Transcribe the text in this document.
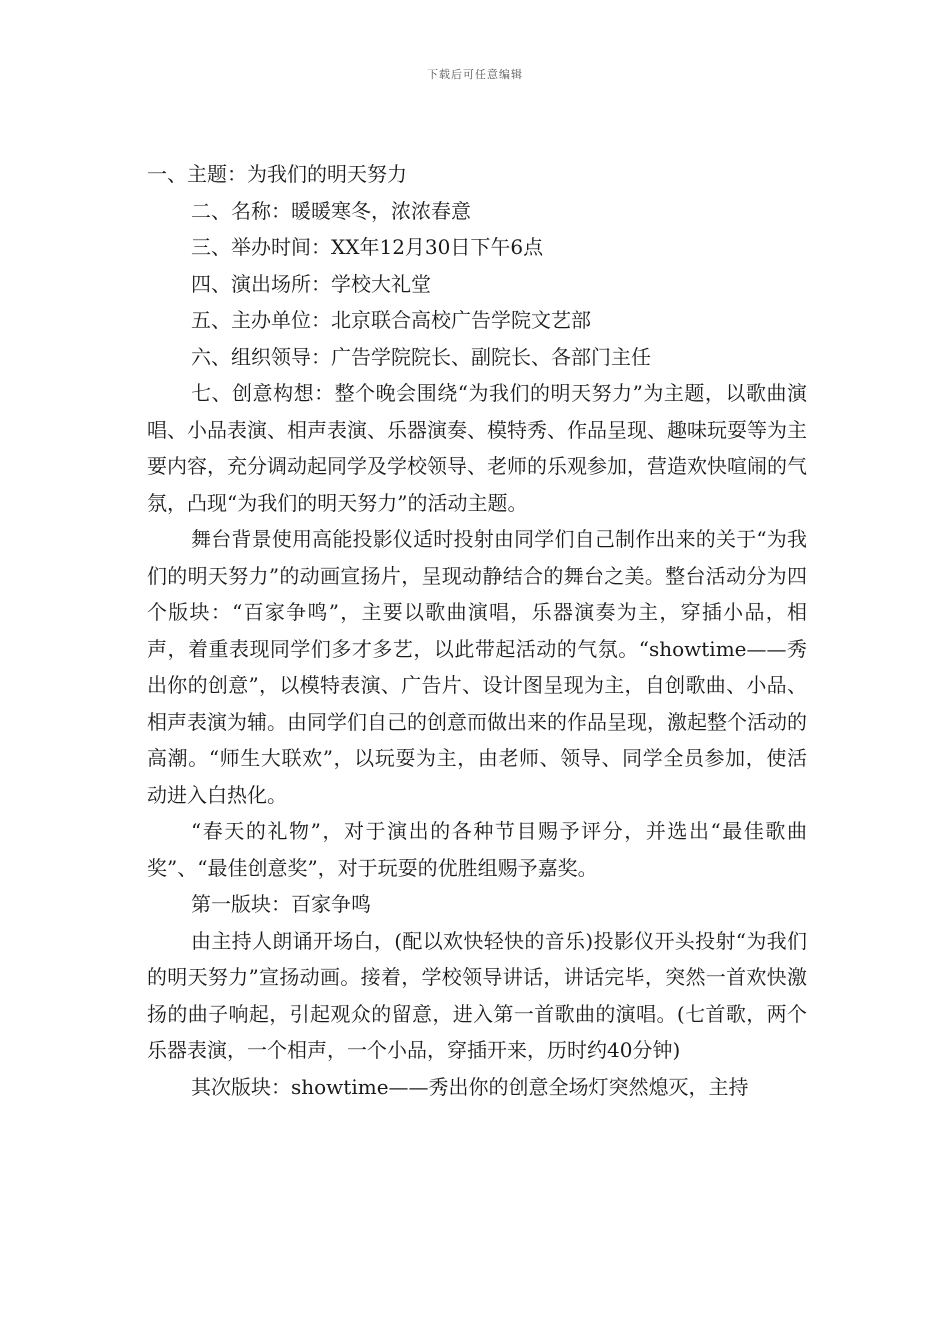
下载后可任意编辑

一、主题：为我们的明天努力

二、名称：暖暖寒冬，浓浓春意

三、举办时间：XX年12月30日下午6点

四、演出场所：学校大礼堂

五、主办单位：北京联合高校广告学院文艺部

六、组织领导：广告学院院长、副院长、各部门主任

七、创意构想：整个晚会围绕“为我们的明天努力”为主题，以歌曲演唱、小品表演、相声表演、乐器演奏、模特秀、作品呈现、趣味玩耍等为主要内容，充分调动起同学及学校领导、老师的乐观参加，营造欢快喧闹的气氛，凸现“为我们的明天努力”的活动主题。

舞台背景使用高能投影仪适时投射由同学们自己制作出来的关于“为我们的明天努力”的动画宣扬片，呈现动静结合的舞台之美。整台活动分为四个版块：“百家争鸣”，主要以歌曲演唱，乐器演奏为主，穿插小品，相声，着重表现同学们多才多艺，以此带起活动的气氛。“showtime——秀出你的创意”，以模特表演、广告片、设计图呈现为主，自创歌曲、小品、相声表演为辅。由同学们自己的创意而做出来的作品呈现，激起整个活动的高潮。“师生大联欢”，以玩耍为主，由老师、领导、同学全员参加，使活动进入白热化。

“春天的礼物”，对于演出的各种节目赐予评分，并选出“最佳歌曲奖”、“最佳创意奖”，对于玩耍的优胜组赐予嘉奖。

第一版块：百家争鸣

由主持人朗诵开场白，(配以欢快轻快的音乐)投影仪开头投射“为我们的明天努力”宣扬动画。接着，学校领导讲话，讲话完毕，突然一首欢快激扬的曲子响起，引起观众的留意，进入第一首歌曲的演唱。(七首歌，两个乐器表演，一个相声，一个小品，穿插开来，历时约40分钟)

其次版块：showtime——秀出你的创意全场灯突然熄灭，主持
